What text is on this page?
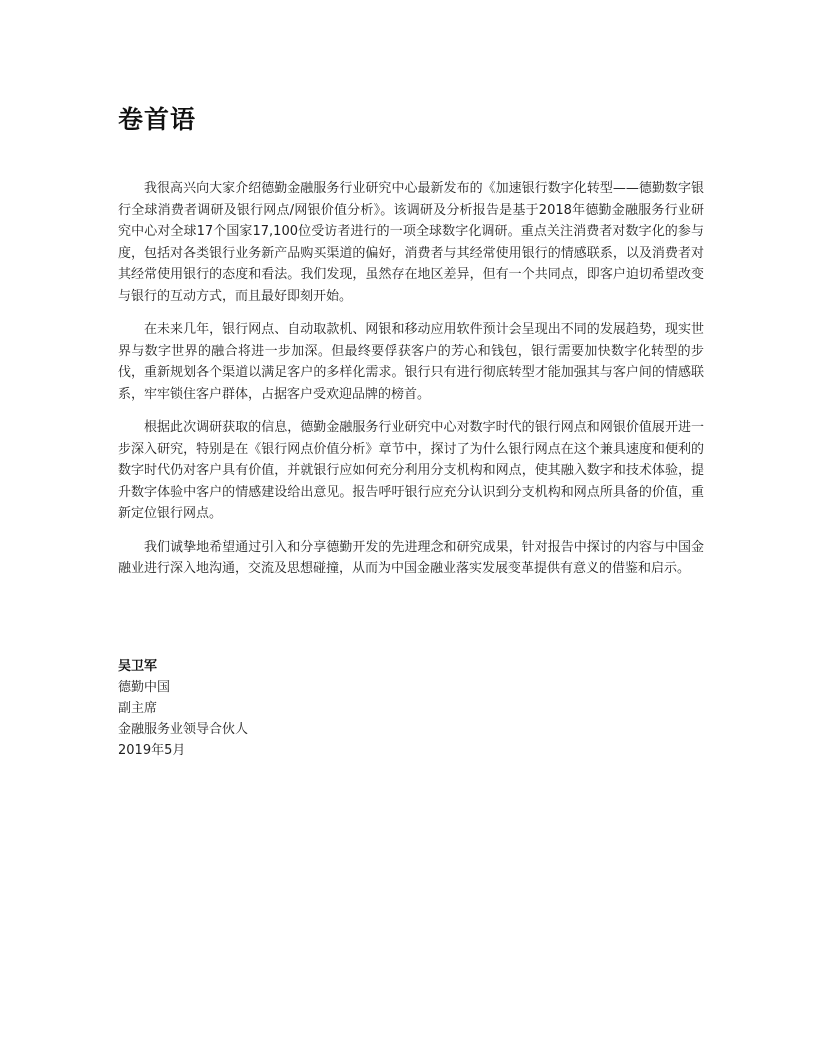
卷首语

我很高兴向大家介绍德勤金融服务行业研究中心最新发布的《加速银行数字化转型——德勤数字银行全球消费者调研及银行网点/网银价值分析》。该调研及分析报告是基于2018年德勤金融服务行业研究中心对全球17个国家17,100位受访者进行的一项全球数字化调研。重点关注消费者对数字化的参与度，包括对各类银行业务新产品购买渠道的偏好，消费者与其经常使用银行的情感联系，以及消费者对其经常使用银行的态度和看法。我们发现，虽然存在地区差异，但有一个共同点，即客户迫切希望改变与银行的互动方式，而且最好即刻开始。

在未来几年，银行网点、自动取款机、网银和移动应用软件预计会呈现出不同的发展趋势，现实世界与数字世界的融合将进一步加深。但最终要俘获客户的芳心和钱包，银行需要加快数字化转型的步伐，重新规划各个渠道以满足客户的多样化需求。银行只有进行彻底转型才能加强其与客户间的情感联系，牢牢锁住客户群体，占据客户受欢迎品牌的榜首。

根据此次调研获取的信息，德勤金融服务行业研究中心对数字时代的银行网点和网银价值展开进一步深入研究，特别是在《银行网点价值分析》章节中，探讨了为什么银行网点在这个兼具速度和便利的数字时代仍对客户具有价值，并就银行应如何充分利用分支机构和网点，使其融入数字和技术体验，提升数字体验中客户的情感建设给出意见。报告呼吁银行应充分认识到分支机构和网点所具备的价值，重新定位银行网点。

我们诚挚地希望通过引入和分享德勤开发的先进理念和研究成果，针对报告中探讨的内容与中国金融业进行深入地沟通，交流及思想碰撞，从而为中国金融业落实发展变革提供有意义的借鉴和启示。

吴卫军
德勤中国
副主席
金融服务业领导合伙人
2019年5月
